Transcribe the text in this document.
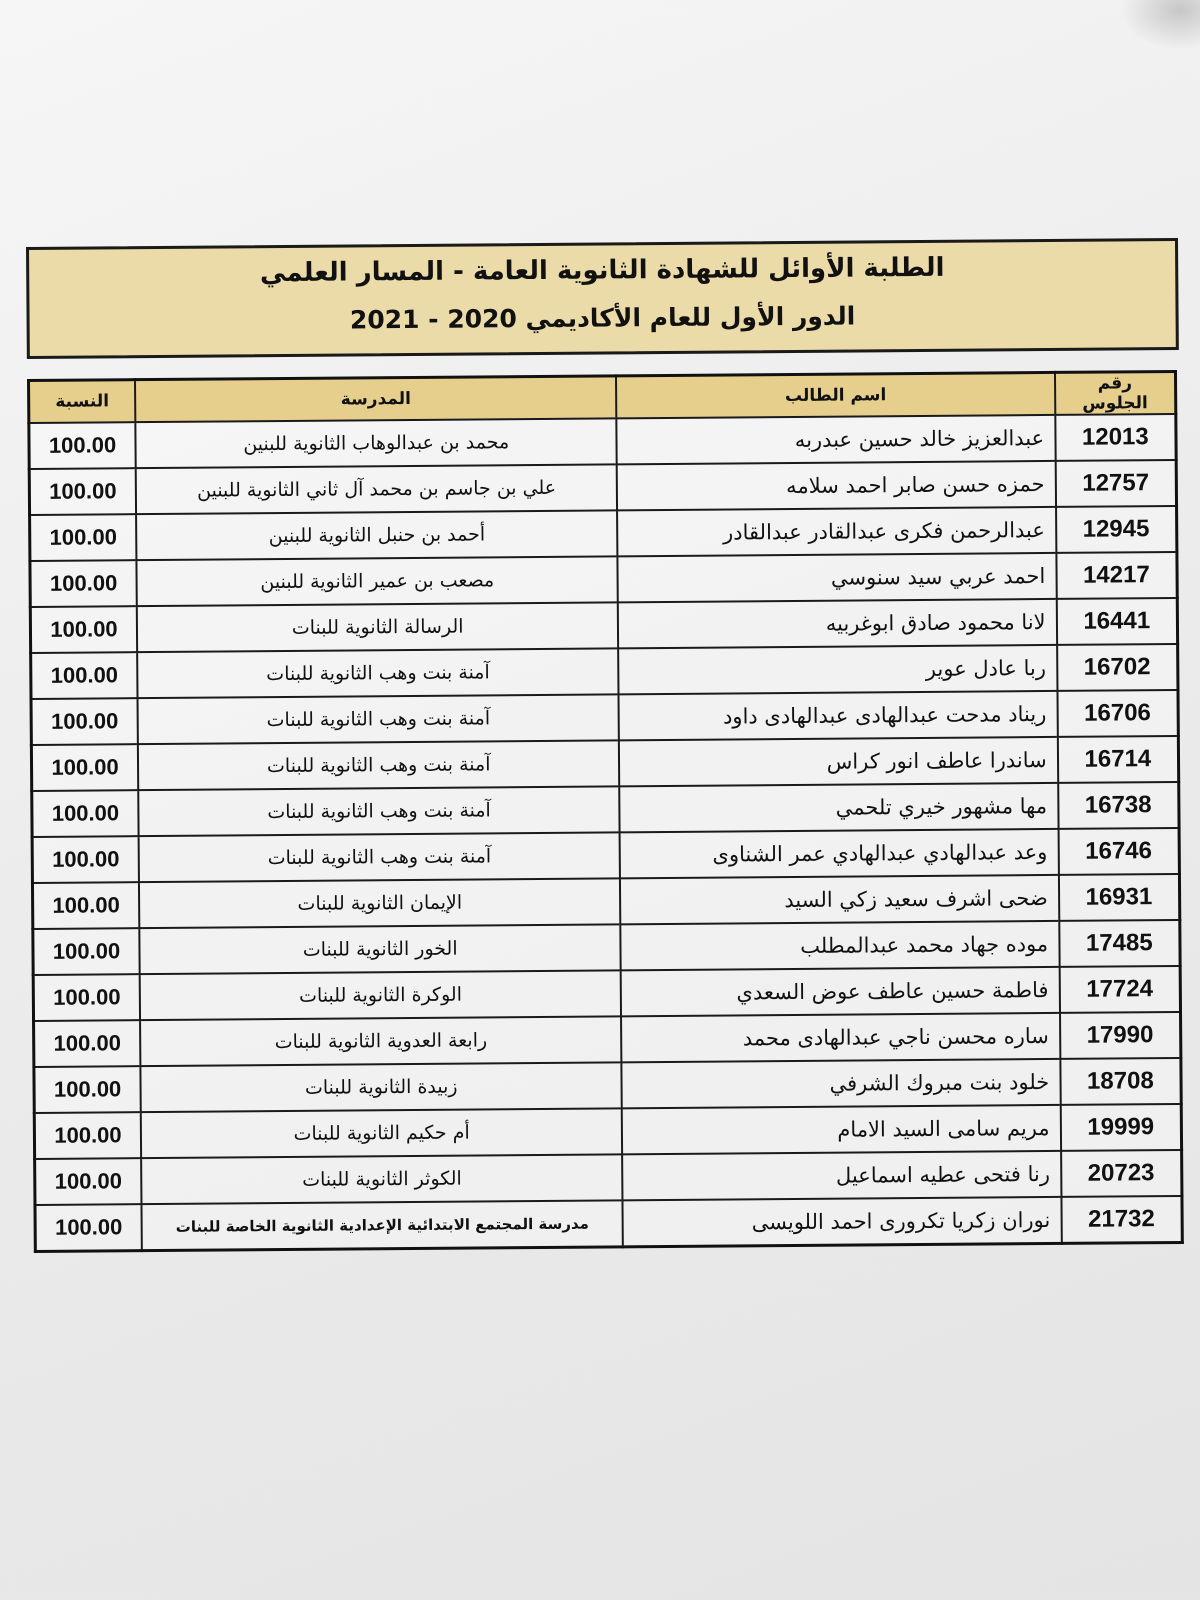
الطلبة الأوائل للشهادة الثانوية العامة - المسار العلمي
الدور الأول للعام الأكاديمي 2020 - 2021
رقم الجلوس	اسم الطالب	المدرسة	النسبة
12013	عبدالعزيز خالد حسين عبدربه	محمد بن عبدالوهاب الثانوية للبنين	100.00
12757	حمزه حسن صابر احمد سلامه	علي بن جاسم بن محمد آل ثاني الثانوية للبنين	100.00
12945	عبدالرحمن فكرى عبدالقادر عبدالقادر	أحمد بن حنبل الثانوية للبنين	100.00
14217	احمد عربي سيد سنوسي	مصعب بن عمير الثانوية للبنين	100.00
16441	لانا محمود صادق ابوغربيه	الرسالة الثانوية للبنات	100.00
16702	ربا عادل عوير	آمنة بنت وهب الثانوية للبنات	100.00
16706	ريناد مدحت عبدالهادى عبدالهادى داود	آمنة بنت وهب الثانوية للبنات	100.00
16714	ساندرا عاطف انور كراس	آمنة بنت وهب الثانوية للبنات	100.00
16738	مها مشهور خيري تلحمي	آمنة بنت وهب الثانوية للبنات	100.00
16746	وعد عبدالهادي عبدالهادي عمر الشناوى	آمنة بنت وهب الثانوية للبنات	100.00
16931	ضحى اشرف سعيد زكي السيد	الإيمان الثانوية للبنات	100.00
17485	موده جهاد محمد عبدالمطلب	الخور الثانوية للبنات	100.00
17724	فاطمة حسين عاطف عوض السعدي	الوكرة الثانوية للبنات	100.00
17990	ساره محسن ناجي عبدالهادى محمد	رابعة العدوية الثانوية للبنات	100.00
18708	خلود بنت مبروك الشرفي	زبيدة الثانوية للبنات	100.00
19999	مريم سامى السيد الامام	أم حكيم الثانوية للبنات	100.00
20723	رنا فتحى عطيه اسماعيل	الكوثر الثانوية للبنات	100.00
21732	نوران زكريا تكرورى احمد اللويسى	مدرسة المجتمع الابتدائية الإعدادية الثانوية الخاصة للبنات	100.00
